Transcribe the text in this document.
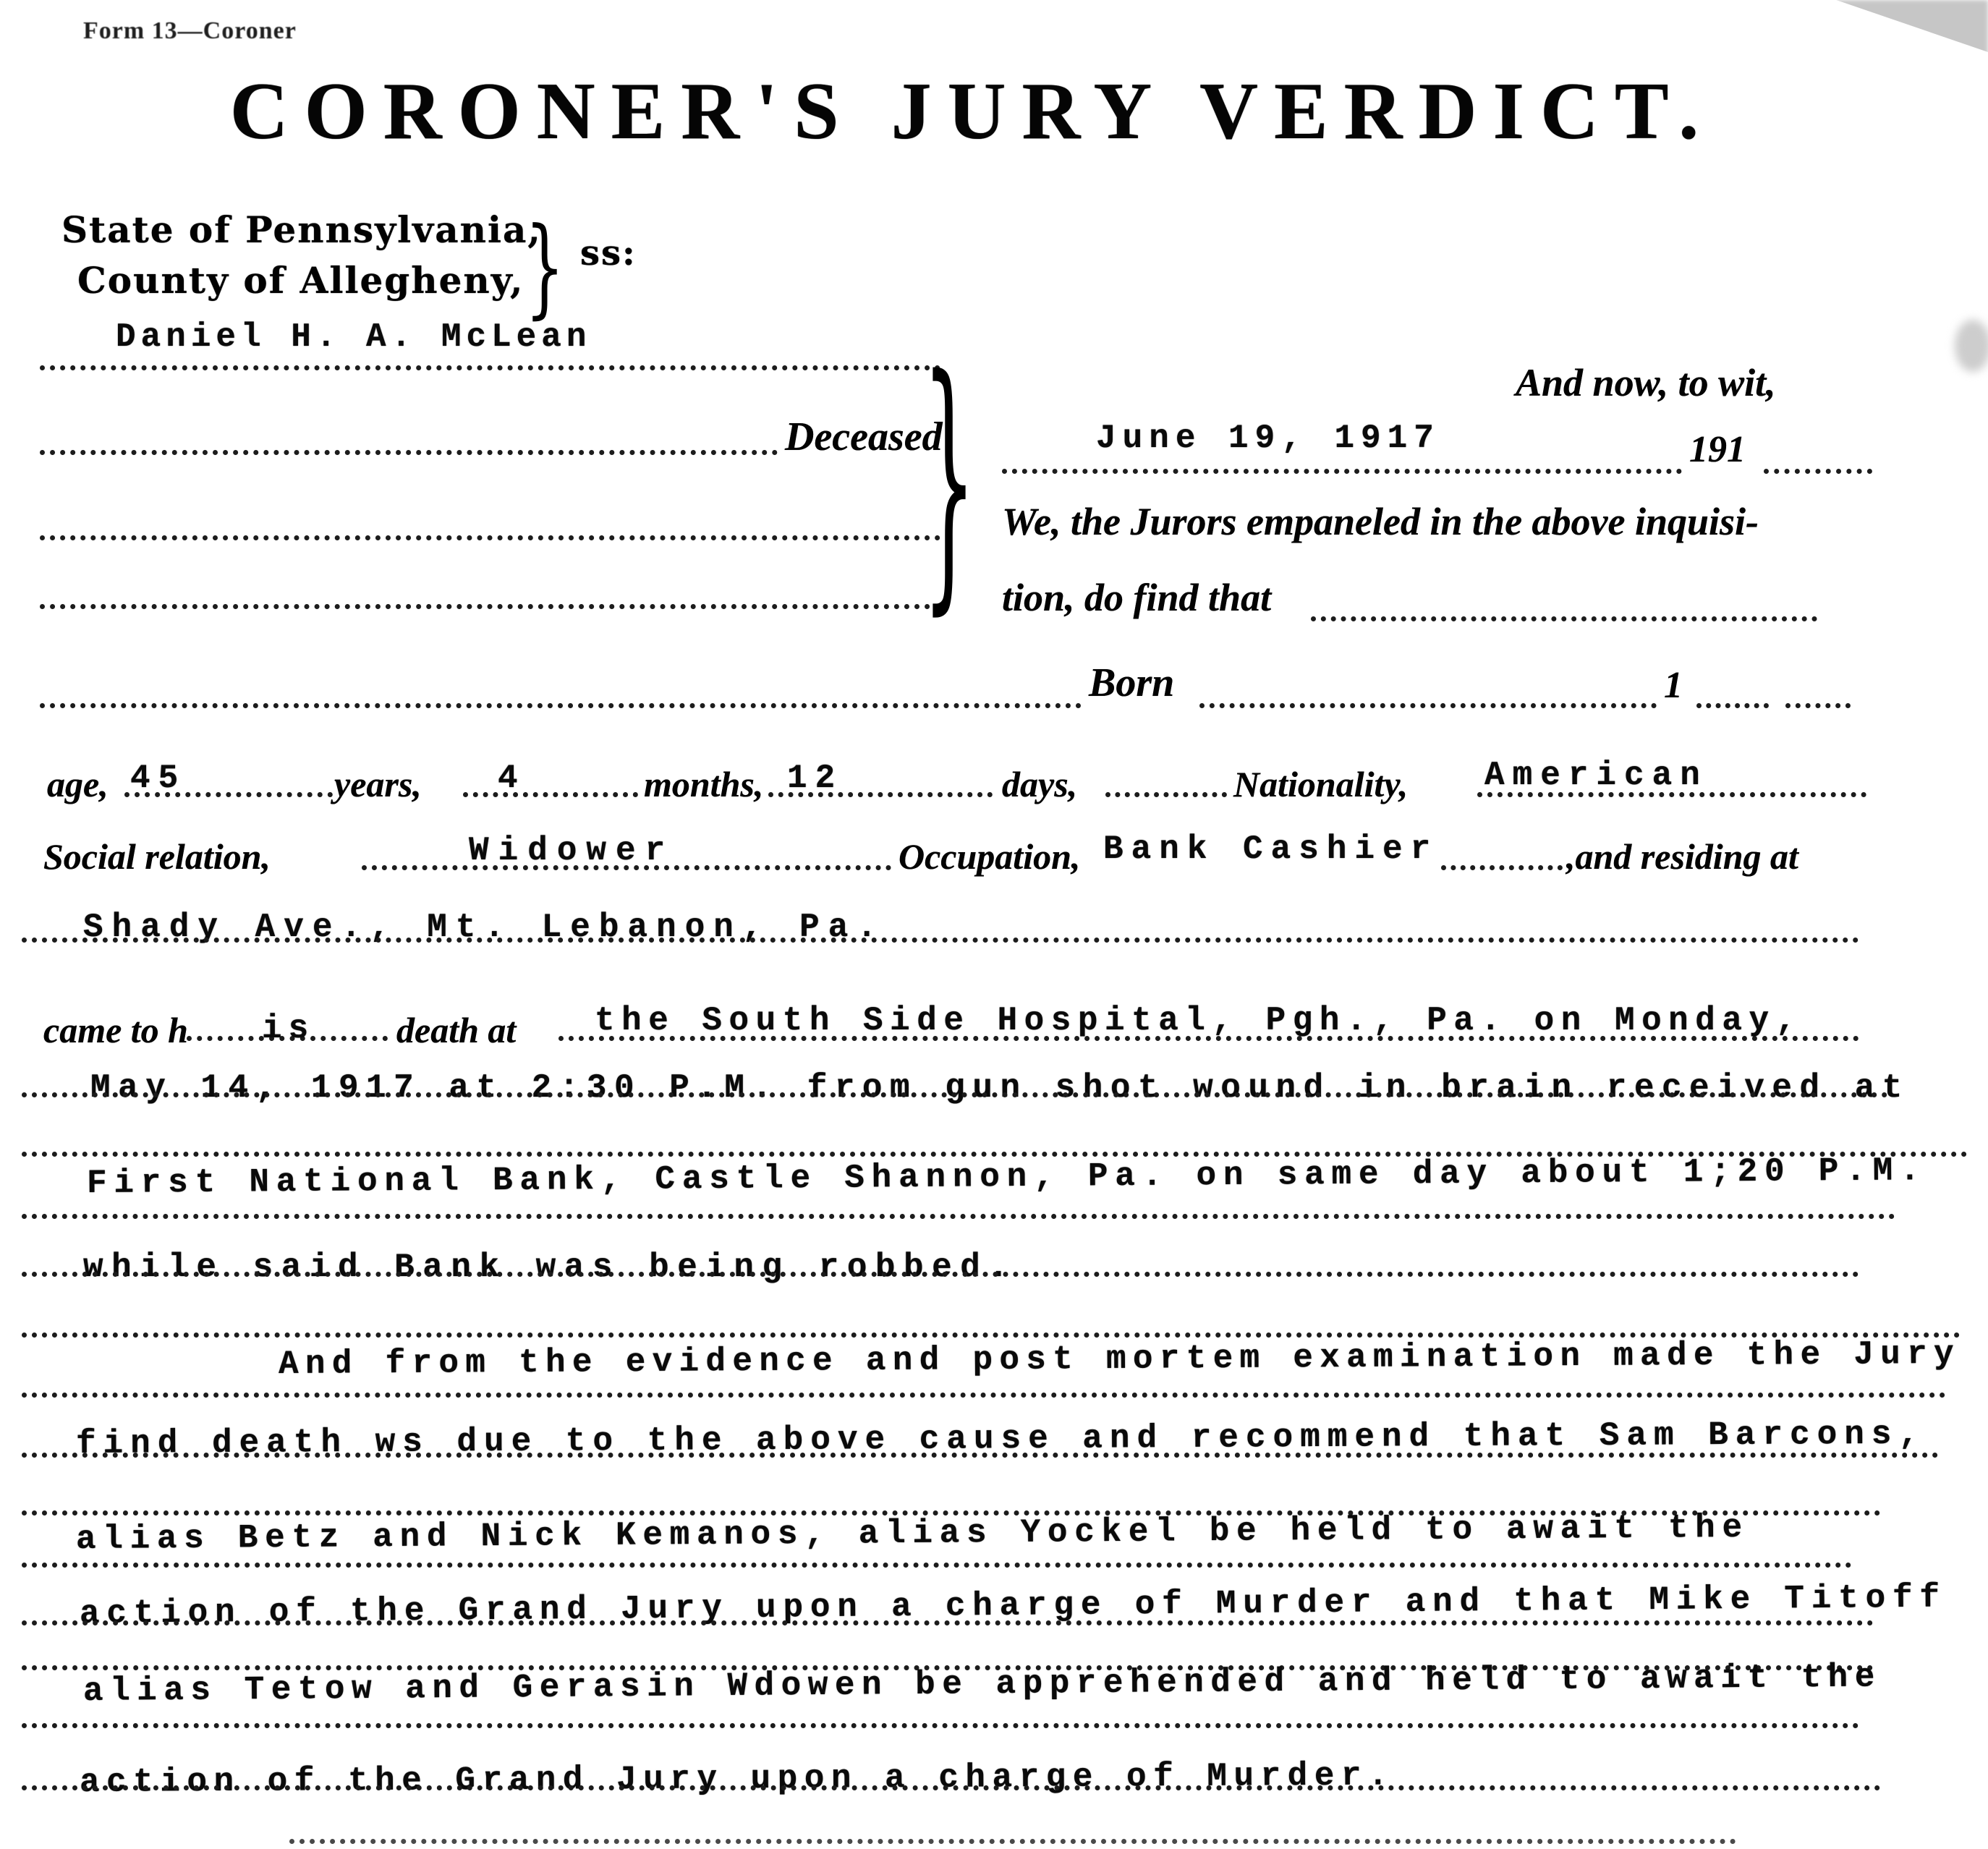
Form 13—Coroner
CORONER'S JURY VERDICT.
State of Pennsylvania,
County of Allegheny, } ss:
Daniel H. A. McLean
Deceased
}	And now, to wit,
June 19, 1917	191
We, the Jurors empaneled in the above inquisi-
tion, do find that
Born	1
age, 45	years, 4	months, 12	days,	Nationality, American
Social relation,	Widower	Occupation, Bank Cashier	,and residing at
Shady Ave., Mt. Lebanon, Pa.
came to h is death at the South Side Hospital, Pgh., Pa. on Monday,
May 14, 1917 at 2:30 P.M. from gun shot wound in brain received at
First National Bank, Castle Shannon, Pa. on same day about 1;20 P.M.
while said Bank was being robbed.
And from the evidence and post mortem examination made the Jury
find death ws due to the above cause and recommend that Sam Barcons,
alias Betz and Nick Kemanos, alias Yockel be held to await the
action of the Grand Jury upon a charge of Murder and that Mike Titoff
alias Tetow and Gerasin Wdowen be apprehended and held to await the
action of the Grand Jury upon a charge of Murder.
